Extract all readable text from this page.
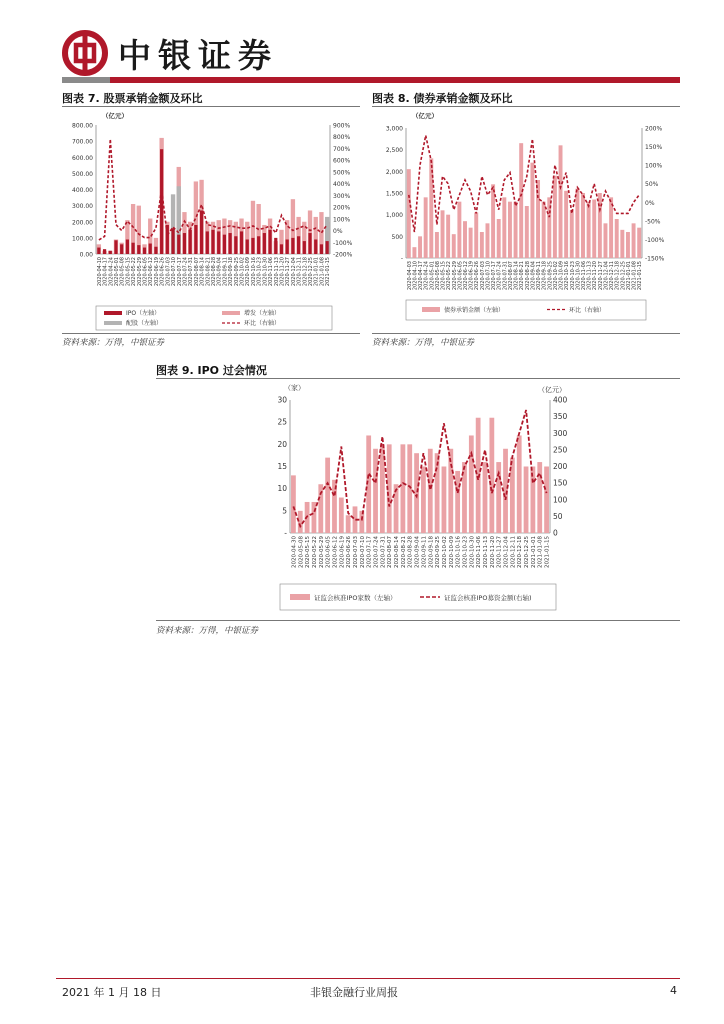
中银证券
图表 7. 股票承销金额及环比
（亿元）
800.00
700.00
600.00
500.00
400.00
300.00
200.00
100.00
0.00
900%
800%
700%
600%
500%
400%
300%
200%
100%
0%
-100%
-200%
2020-04-10 2020-04-17 2020-04-24 2020-05-01 2020-05-08 2020-05-15 2020-05-22 2020-05-29 2020-06-05 2020-06-12 2020-06-19 2020-06-26 2020-07-03 2020-07-10 2020-07-17 2020-07-24 2020-07-31 2020-08-07 2020-08-14 2020-08-21 2020-08-28 2020-09-04 2020-09-11 2020-09-18 2020-09-25 2020-10-02 2020-10-09 2020-10-16 2020-10-23 2020-10-30 2020-11-06 2020-11-13 2020-11-20 2020-11-27 2020-12-04 2020-12-11 2020-12-18 2020-12-25 2021-01-01 2021-01-08 2021-01-15
IPO（左轴）	增发（左轴）
配股（左轴）	环比（右轴）
资料来源：万得，中银证券
图表 8. 债券承销金额及环比
（亿元）
3,000
2,500
2,000
1,500
1,000
500
-
200%
150%
100%
50%
0%
-50%
-100%
-150%
2020-04-03 2020-04-10 2020-04-17 2020-04-24 2020-05-01 2020-05-08 2020-05-15 2020-05-22 2020-05-29 2020-06-05 2020-06-12 2020-06-19 2020-06-26 2020-07-03 2020-07-10 2020-07-17 2020-07-24 2020-07-31 2020-08-07 2020-08-14 2020-08-21 2020-08-28 2020-09-04 2020-09-11 2020-09-18 2020-09-25 2020-10-02 2020-10-09 2020-10-16 2020-10-23 2020-10-30 2020-11-06 2020-11-13 2020-11-20 2020-11-27 2020-12-04 2020-12-11 2020-12-18 2020-12-25 2021-01-01 2021-01-08 2021-01-15
债券承销金额（左轴）	环比（右轴）
资料来源：万得，中银证券
图表 9. IPO 过会情况
（家）	（亿元）
30
25
20
15
10
5
-
400
350
300
250
200
150
100
50
0
2020-04-30 2020-05-08 2020-05-15 2020-05-22 2020-05-29 2020-06-05 2020-06-12 2020-06-19 2020-06-26 2020-07-03 2020-07-10 2020-07-17 2020-07-24 2020-07-31 2020-08-07 2020-08-14 2020-08-21 2020-08-28 2020-09-04 2020-09-11 2020-09-18 2020-09-25 2020-10-02 2020-10-09 2020-10-16 2020-10-23 2020-10-30 2020-11-06 2020-11-13 2020-11-20 2020-11-27 2020-12-04 2020-12-11 2020-12-18 2020-12-25 2021-01-01 2021-01-08 2021-01-15
证监会核准IPO家数（左轴）	证监会核准IPO募资金额(右轴)
资料来源：万得，中银证券
2021 年 1 月 18 日	非银金融行业周报	4
